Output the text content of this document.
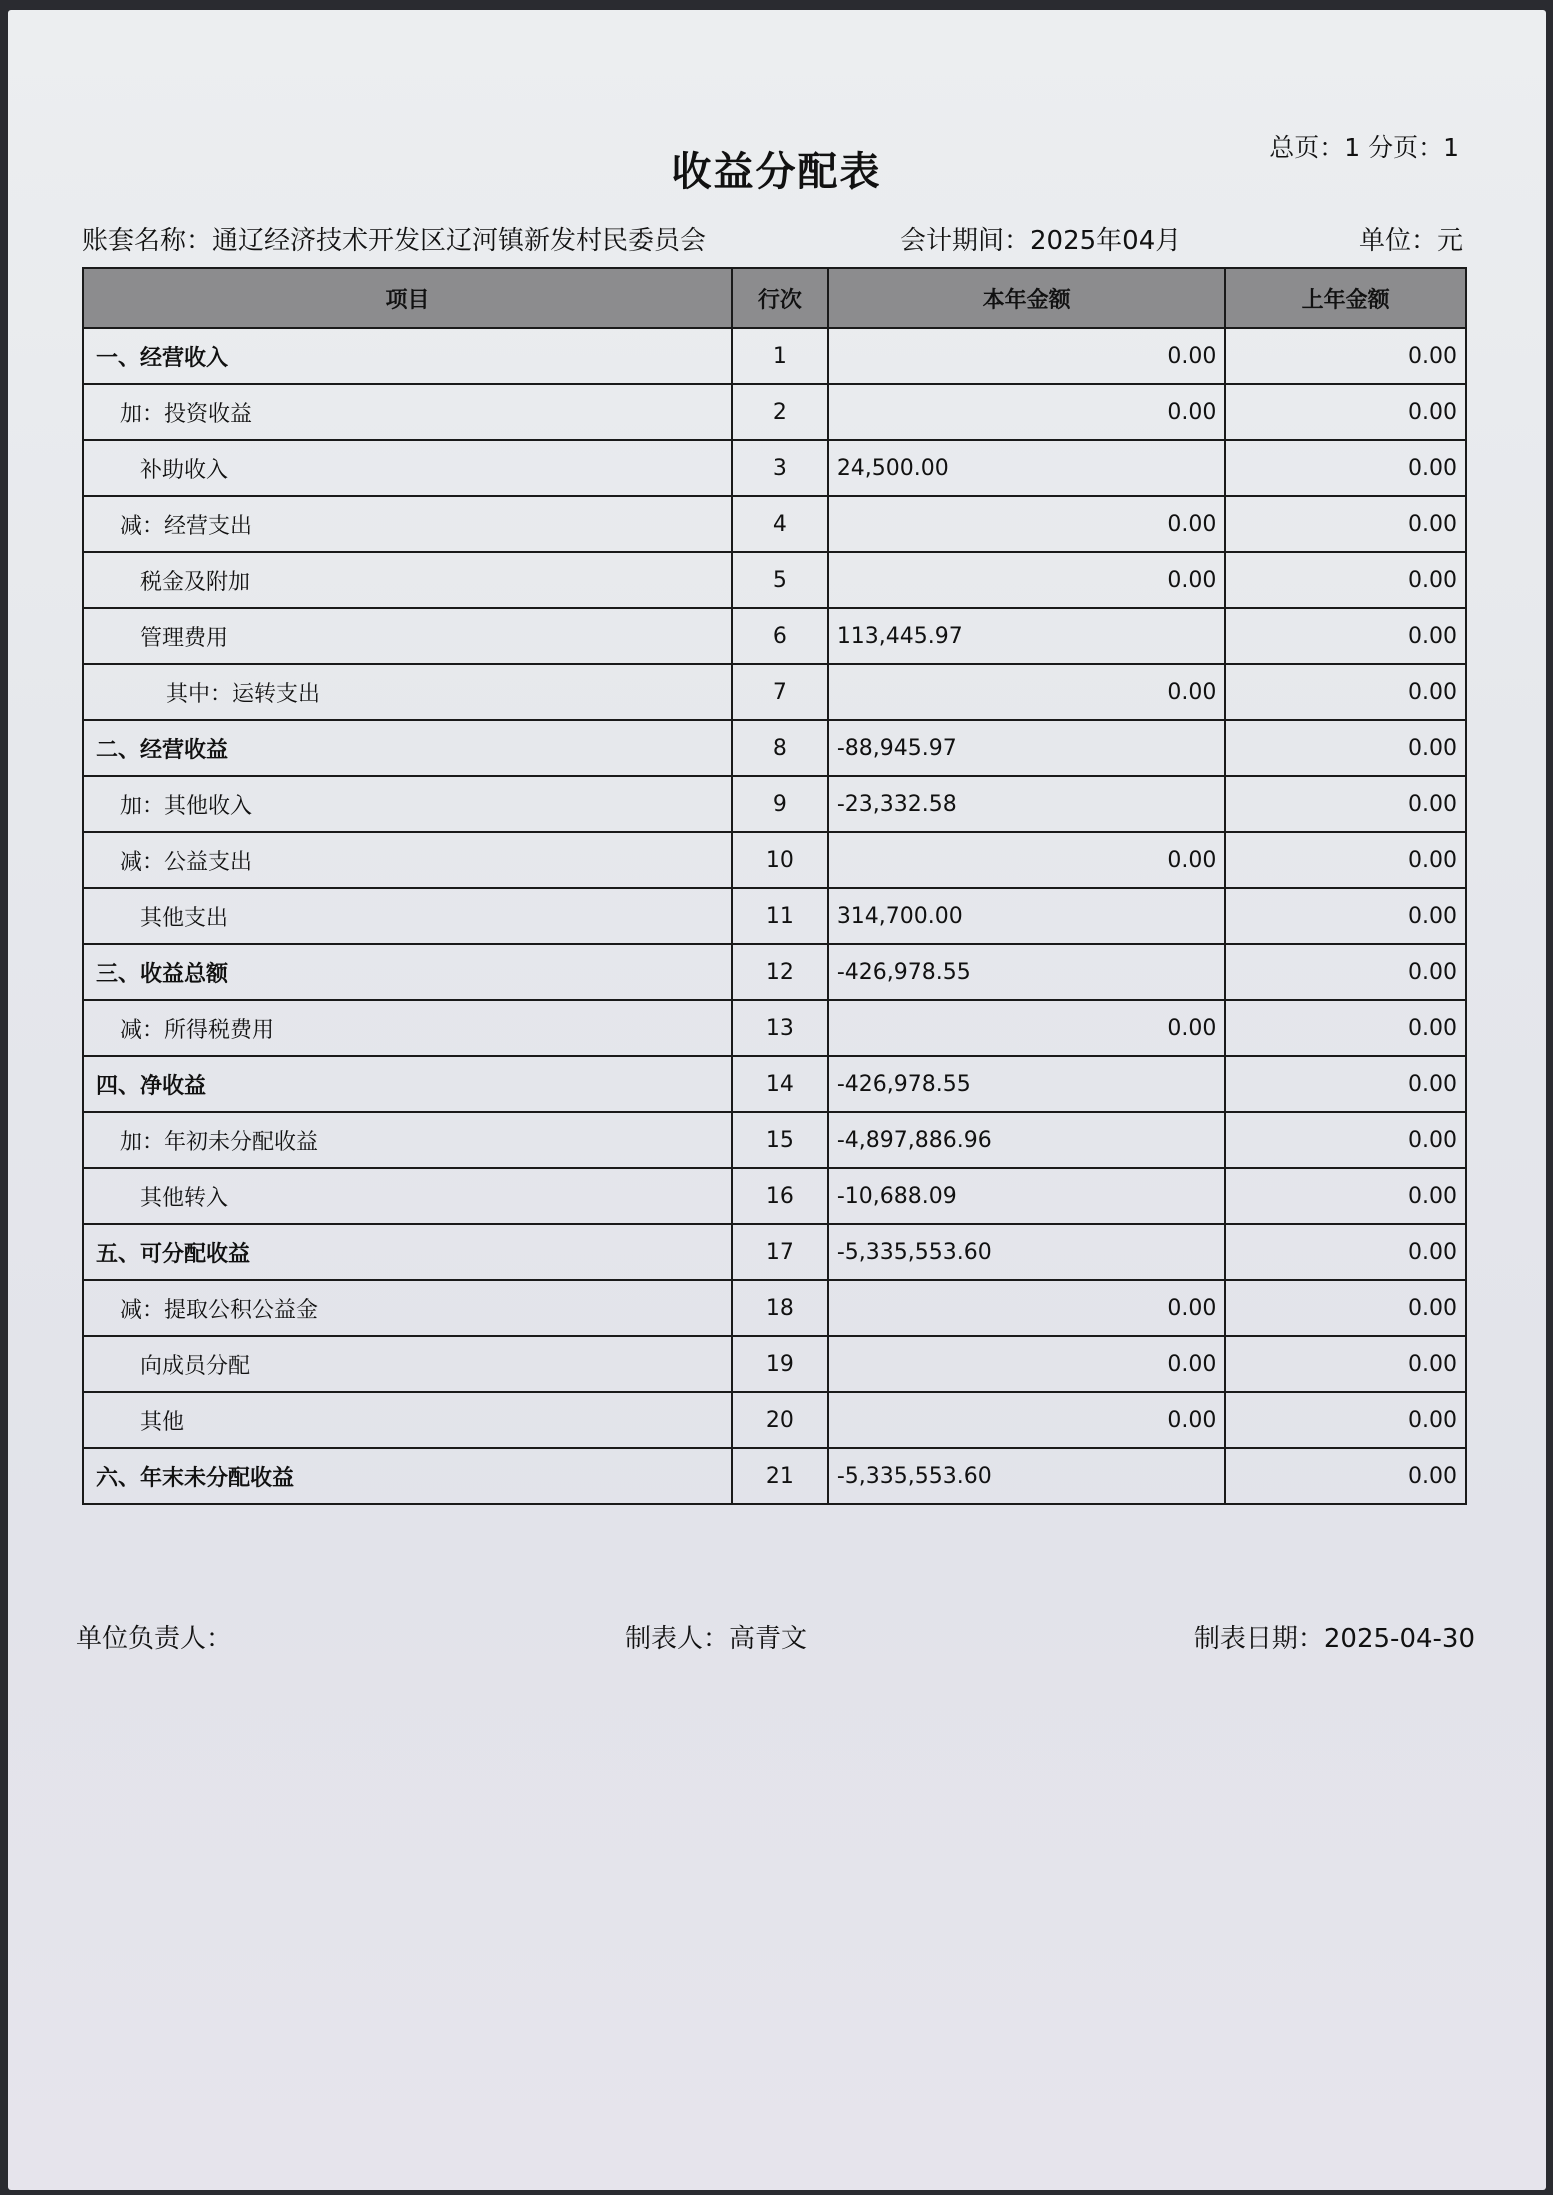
收益分配表
总页：1 分页：1
账套名称：通辽经济技术开发区辽河镇新发村民委员会	会计期间：2025年04月	单位：元
项目	行次	本年金额	上年金额
一、经营收入	1	0.00	0.00
加：投资收益	2	0.00	0.00
补助收入	3	24,500.00	0.00
减：经营支出	4	0.00	0.00
税金及附加	5	0.00	0.00
管理费用	6	113,445.97	0.00
其中：运转支出	7	0.00	0.00
二、经营收益	8	-88,945.97	0.00
加：其他收入	9	-23,332.58	0.00
减：公益支出	10	0.00	0.00
其他支出	11	314,700.00	0.00
三、收益总额	12	-426,978.55	0.00
减：所得税费用	13	0.00	0.00
四、净收益	14	-426,978.55	0.00
加：年初未分配收益	15	-4,897,886.96	0.00
其他转入	16	-10,688.09	0.00
五、可分配收益	17	-5,335,553.60	0.00
减：提取公积公益金	18	0.00	0.00
向成员分配	19	0.00	0.00
其他	20	0.00	0.00
六、年末未分配收益	21	-5,335,553.60	0.00
单位负责人：	制表人：高青文	制表日期：2025-04-30
